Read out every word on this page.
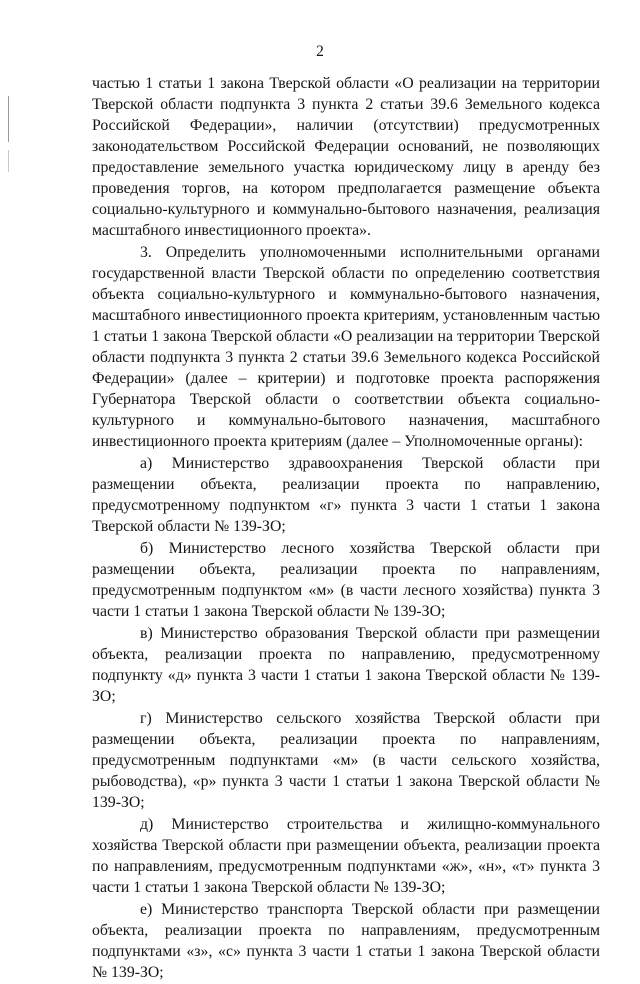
2

частью 1 статьи 1 закона Тверской области «О реализации на территории Тверской области подпункта 3 пункта 2 статьи 39.6 Земельного кодекса Российской Федерации», наличии (отсутствии) предусмотренных законодательством Российской Федерации оснований, не позволяющих предоставление земельного участка юридическому лицу в аренду без проведения торгов, на котором предполагается размещение объекта социально-культурного и коммунально-бытового назначения, реализация масштабного инвестиционного проекта».

3. Определить уполномоченными исполнительными органами государственной власти Тверской области по определению соответствия объекта социально-культурного и коммунально-бытового назначения, масштабного инвестиционного проекта критериям, установленным частью 1 статьи 1 закона Тверской области «О реализации на территории Тверской области подпункта 3 пункта 2 статьи 39.6 Земельного кодекса Российской Федерации» (далее – критерии) и подготовке проекта распоряжения Губернатора Тверской области о соответствии объекта социально-культурного и коммунально-бытового назначения, масштабного инвестиционного проекта критериям (далее – Уполномоченные органы):

а) Министерство здравоохранения Тверской области при размещении объекта, реализации проекта по направлению, предусмотренному подпунктом «г» пункта 3 части 1 статьи 1 закона Тверской области № 139-ЗО;

б) Министерство лесного хозяйства Тверской области при размещении объекта, реализации проекта по направлениям, предусмотренным подпунктом «м» (в части лесного хозяйства) пункта 3 части 1 статьи 1 закона Тверской области № 139-ЗО;

в) Министерство образования Тверской области при размещении объекта, реализации проекта по направлению, предусмотренному подпункту «д» пункта 3 части 1 статьи 1 закона Тверской области № 139-ЗО;

г) Министерство сельского хозяйства Тверской области при размещении объекта, реализации проекта по направлениям, предусмотренным подпунктами «м» (в части сельского хозяйства, рыбоводства), «р» пункта 3 части 1 статьи 1 закона Тверской области № 139-ЗО;

д) Министерство строительства и жилищно-коммунального хозяйства Тверской области при размещении объекта, реализации проекта по направлениям, предусмотренным подпунктами «ж», «н», «т» пункта 3 части 1 статьи 1 закона Тверской области № 139-ЗО;

е) Министерство транспорта Тверской области при размещении объекта, реализации проекта по направлениям, предусмотренным подпунктами «з», «с» пункта 3 части 1 статьи 1 закона Тверской области № 139-ЗО;
